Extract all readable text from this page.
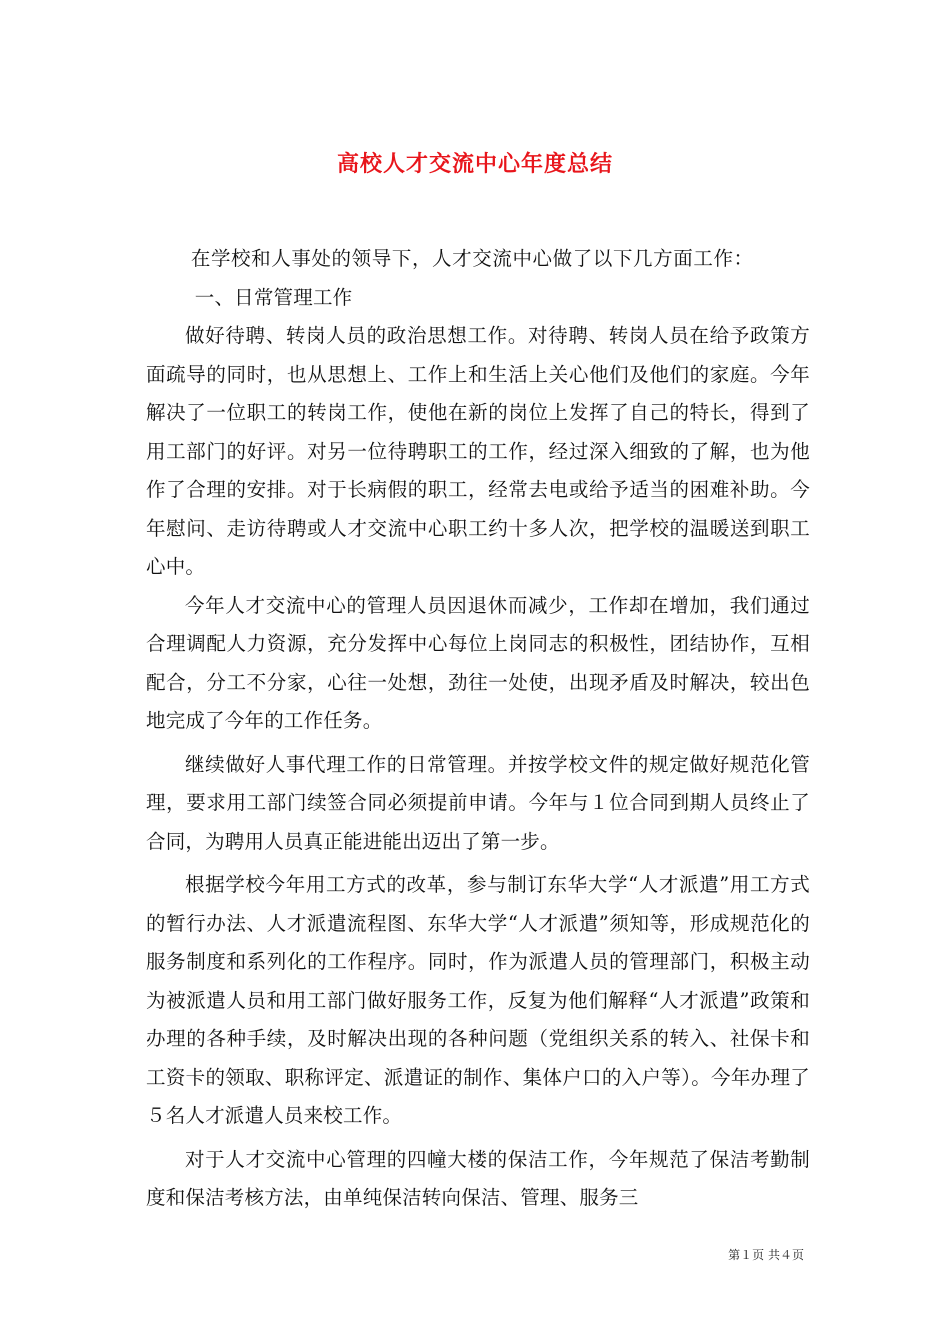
高校人才交流中心年度总结

在学校和人事处的领导下，人才交流中心做了以下几方面工作：

一、日常管理工作

做好待聘、转岗人员的政治思想工作。对待聘、转岗人员在给予政策方面疏导的同时，也从思想上、工作上和生活上关心他们及他们的家庭。今年解决了一位职工的转岗工作，使他在新的岗位上发挥了自己的特长，得到了用工部门的好评。对另一位待聘职工的工作，经过深入细致的了解，也为他作了合理的安排。对于长病假的职工，经常去电或给予适当的困难补助。今年慰问、走访待聘或人才交流中心职工约十多人次，把学校的温暖送到职工心中。

今年人才交流中心的管理人员因退休而减少，工作却在增加，我们通过合理调配人力资源，充分发挥中心每位上岗同志的积极性，团结协作，互相配合，分工不分家，心往一处想，劲往一处使，出现矛盾及时解决，较出色地完成了今年的工作任务。

继续做好人事代理工作的日常管理。并按学校文件的规定做好规范化管理，要求用工部门续签合同必须提前申请。今年与１位合同到期人员终止了合同，为聘用人员真正能进能出迈出了第一步。

根据学校今年用工方式的改革，参与制订东华大学“人才派遣”用工方式的暂行办法、人才派遣流程图、东华大学“人才派遣”须知等，形成规范化的服务制度和系列化的工作程序。同时，作为派遣人员的管理部门，积极主动为被派遣人员和用工部门做好服务工作，反复为他们解释“人才派遣”政策和办理的各种手续，及时解决出现的各种问题（党组织关系的转入、社保卡和工资卡的领取、职称评定、派遣证的制作、集体户口的入户等）。今年办理了５名人才派遣人员来校工作。

对于人才交流中心管理的四幢大楼的保洁工作，今年规范了保洁考勤制度和保洁考核方法，由单纯保洁转向保洁、管理、服务三

第１页 共４页
